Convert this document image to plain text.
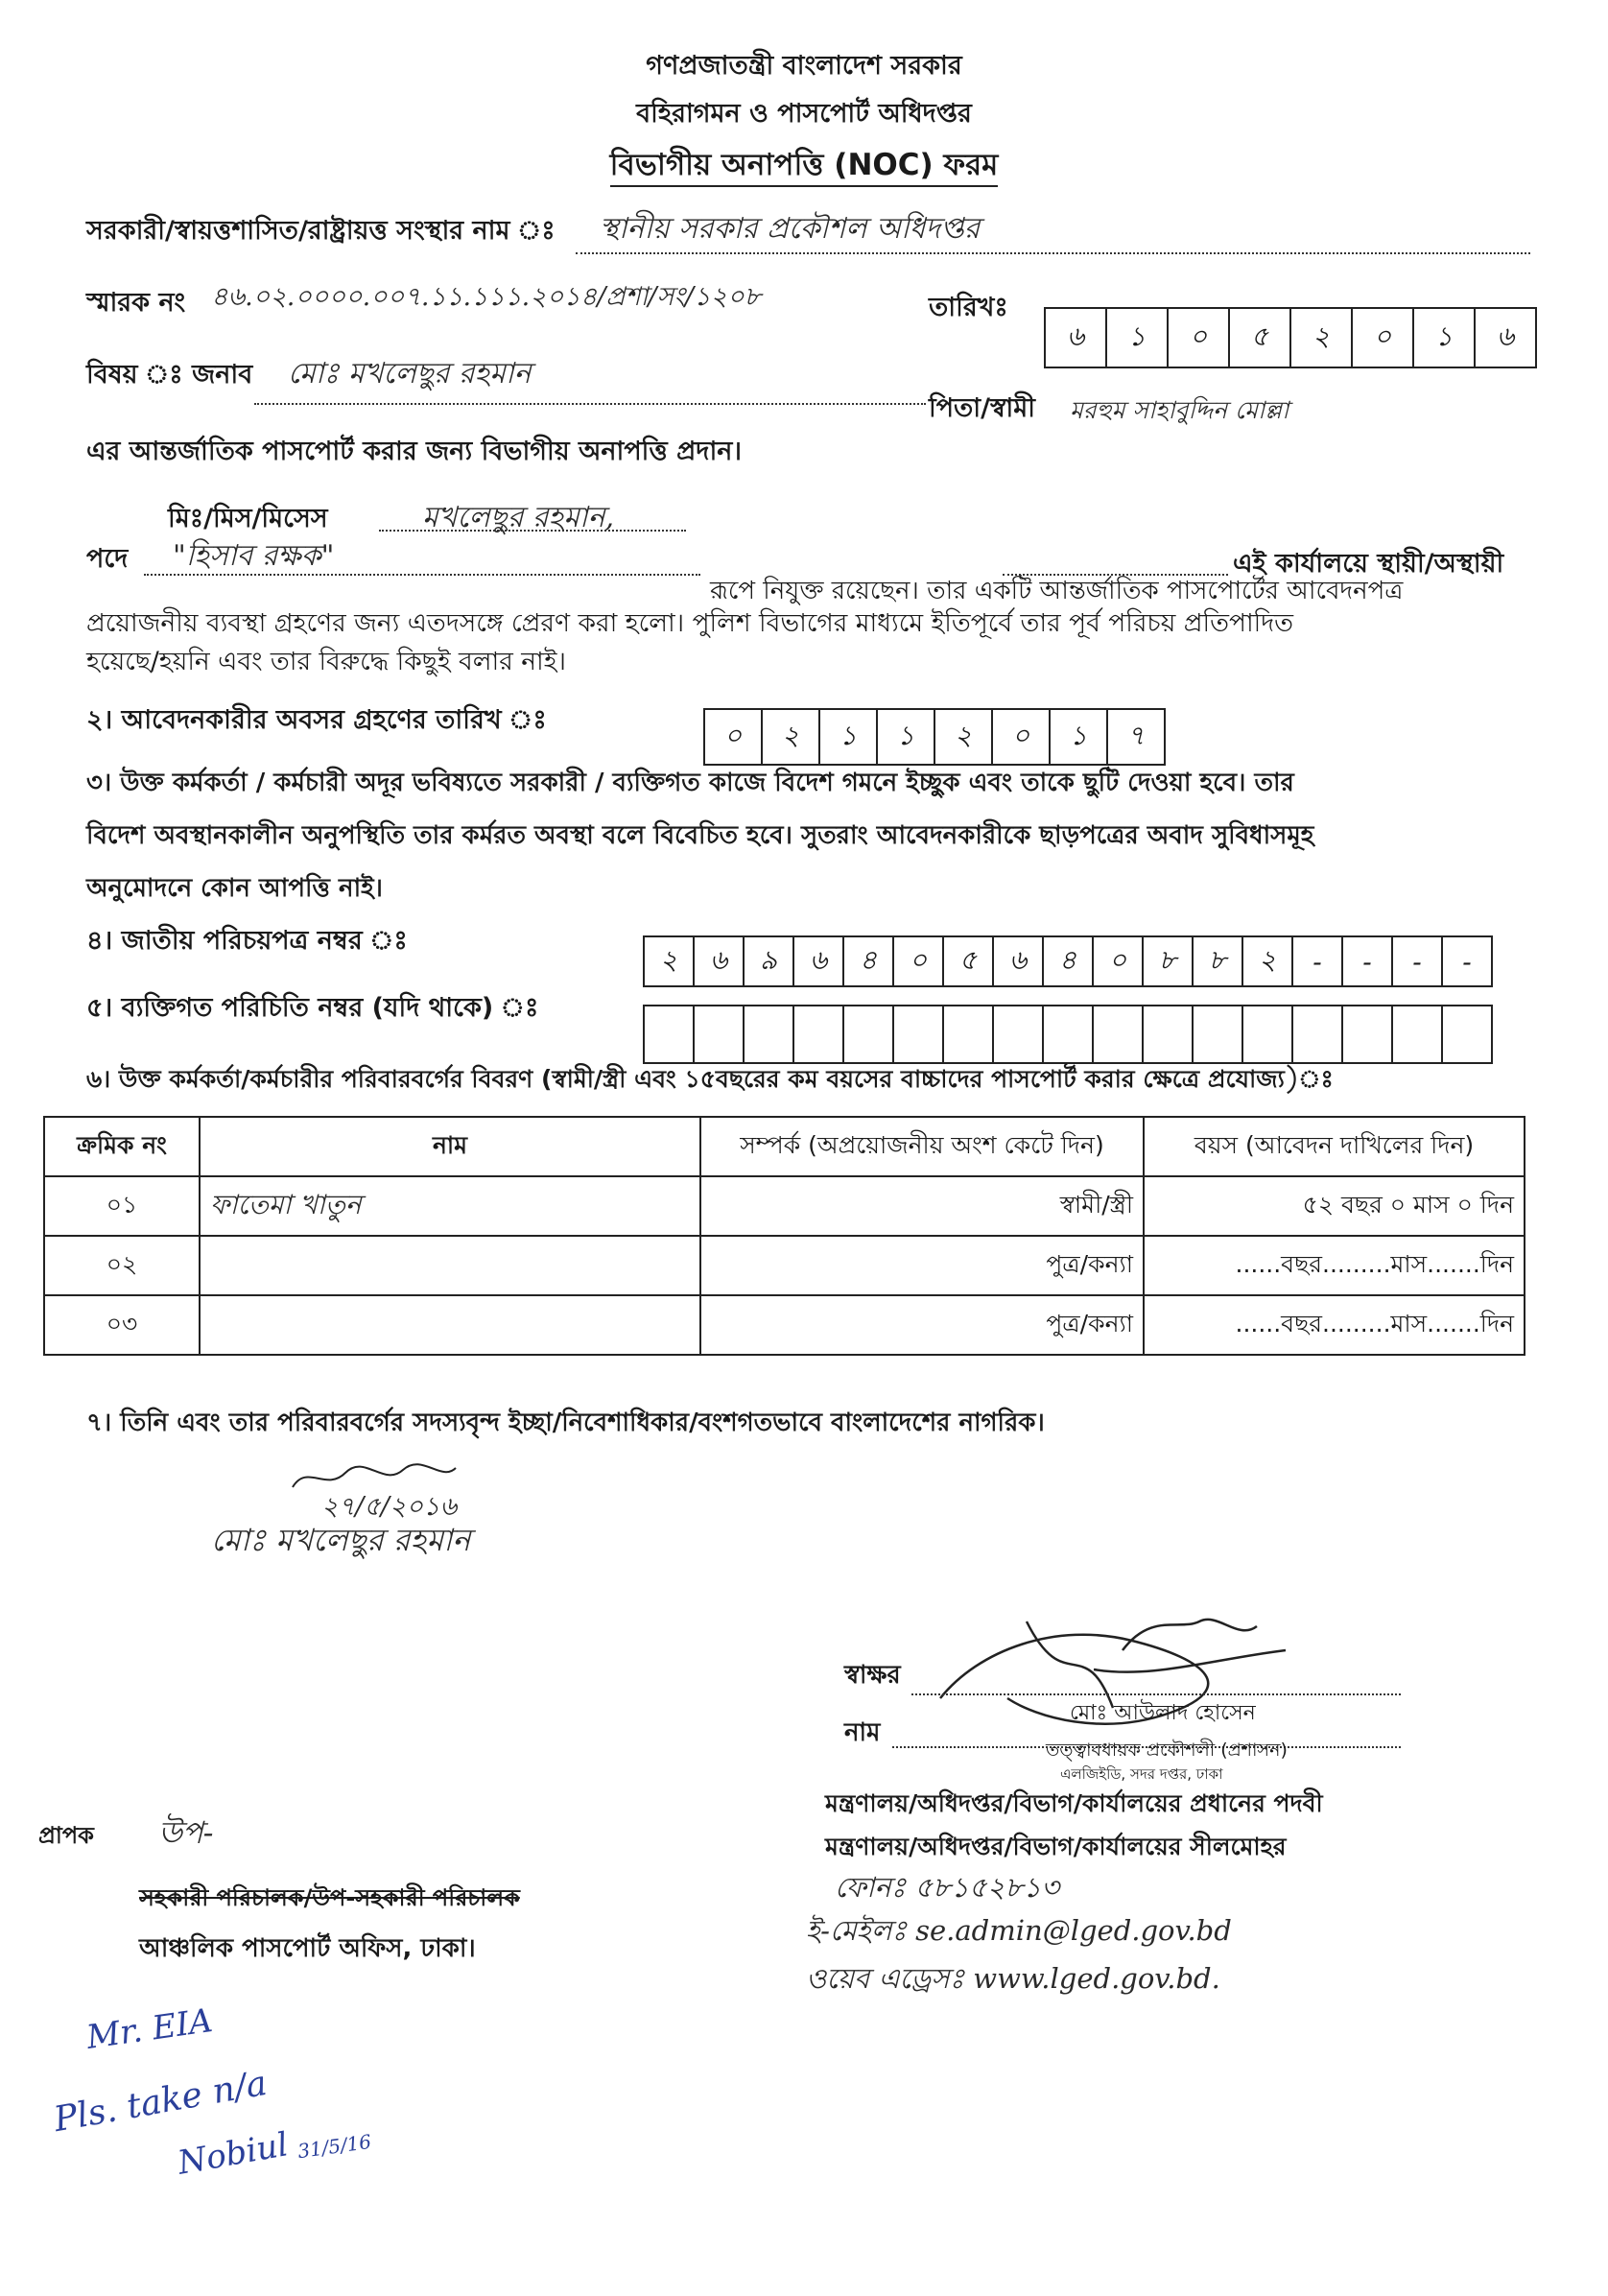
গণপ্রজাতন্ত্রী বাংলাদেশ সরকার
বহিরাগমন ও পাসপোর্ট অধিদপ্তর
বিভাগীয় অনাপত্তি (NOC) ফরম
সরকারী/স্বায়ত্তশাসিত/রাষ্ট্রায়ত্ত সংস্থার নাম ঃ স্থানীয় সরকার প্রকৌশল অধিদপ্তর
স্মারক নং ৪৬.০২.০০০০.০০৭.১১.১১১.২০১৪/প্রশা/সং/১২০৮	তারিখঃ
৬	১	০	৫	২	০	১	৬
বিষয় ঃ জনাব মোঃ মখলেছুর রহমান
পিতা/স্বামী মরহুম সাহাবুদ্দিন মোল্লা
এর আন্তর্জাতিক পাসপোর্ট করার জন্য বিভাগীয় অনাপত্তি প্রদান।
মিঃ/মিস/মিসেস	মখলেছুর রহমান,
পদে "হিসাব রক্ষক"
রূপে নিযুক্ত রয়েছেন। তার একটি আন্তর্জাতিক পাসপোর্টের আবেদনপত্র
এই কার্যালয়ে স্থায়ী/অস্থায়ী
প্রয়োজনীয় ব্যবস্থা গ্রহণের জন্য এতদসঙ্গে প্রেরণ করা হলো। পুলিশ বিভাগের মাধ্যমে ইতিপূর্বে তার পূর্ব পরিচয় প্রতিপাদিত
হয়েছে/হয়নি এবং তার বিরুদ্ধে কিছুই বলার নাই।
২। আবেদনকারীর অবসর গ্রহণের তারিখ ঃ	০	২	১	১	২	০	১	৭
৩। উক্ত কর্মকর্তা / কর্মচারী অদূর ভবিষ্যতে সরকারী / ব্যক্তিগত কাজে বিদেশ গমনে ইচ্ছুক এবং তাকে ছুটি দেওয়া হবে। তার
বিদেশ অবস্থানকালীন অনুপস্থিতি তার কর্মরত অবস্থা বলে বিবেচিত হবে। সুতরাং আবেদনকারীকে ছাড়পত্রের অবাদ সুবিধাসমূহ
অনুমোদনে কোন আপত্তি নাই।
৪। জাতীয় পরিচয়পত্র নম্বর ঃ
২	৬	৯	৬	৪	০	৫	৬	৪	০	৮	৮	২	-	-	-	-
৫। ব্যক্তিগত পরিচিতি নম্বর (যদি থাকে) ঃ
৬। উক্ত কর্মকর্তা/কর্মচারীর পরিবারবর্গের বিবরণ (স্বামী/স্ত্রী এবং ১৫বছরের কম বয়সের বাচ্চাদের পাসপোর্ট করার ক্ষেত্রে প্রযোজ্য)ঃ
ক্রমিক নং	নাম	সম্পর্ক (অপ্রয়োজনীয় অংশ কেটে দিন)	বয়স (আবেদন দাখিলের দিন)
০১	ফাতেমা খাতুন	স্বামী/স্ত্রী	৫২ বছর ০ মাস ০ দিন
০২		পুত্র/কন্যা	......বছর.........মাস.......দিন
০৩		পুত্র/কন্যা	......বছর.........মাস.......দিন
৭। তিনি এবং তার পরিবারবর্গের সদস্যবৃন্দ ইচ্ছা/নিবেশাধিকার/বংশগতভাবে বাংলাদেশের নাগরিক।
২৭/৫/২০১৬
মোঃ মখলেছুর রহমান
স্বাক্ষর
নাম
মোঃ আউলাদ হোসেন
তত্ত্বাবধায়ক প্রকৌশলী (প্রশাসন)
এলজিইডি, সদর দপ্তর, ঢাকা
মন্ত্রণালয়/অধিদপ্তর/বিভাগ/কার্যালয়ের প্রধানের পদবী
মন্ত্রণালয়/অধিদপ্তর/বিভাগ/কার্যালয়ের সীলমোহর
ফোনঃ ৫৮১৫২৮১৩
ই-মেইলঃ se.admin@lged.gov.bd
ওয়েব এড্রেসঃ www.lged.gov.bd.
প্রাপক উপ-
সহকারী পরিচালক/উপ-সহকারী পরিচালক
আঞ্চলিক পাসপোর্ট অফিস, ঢাকা।
Mr. EIA
Pls. take n/a
Nobiul 31/5/16
